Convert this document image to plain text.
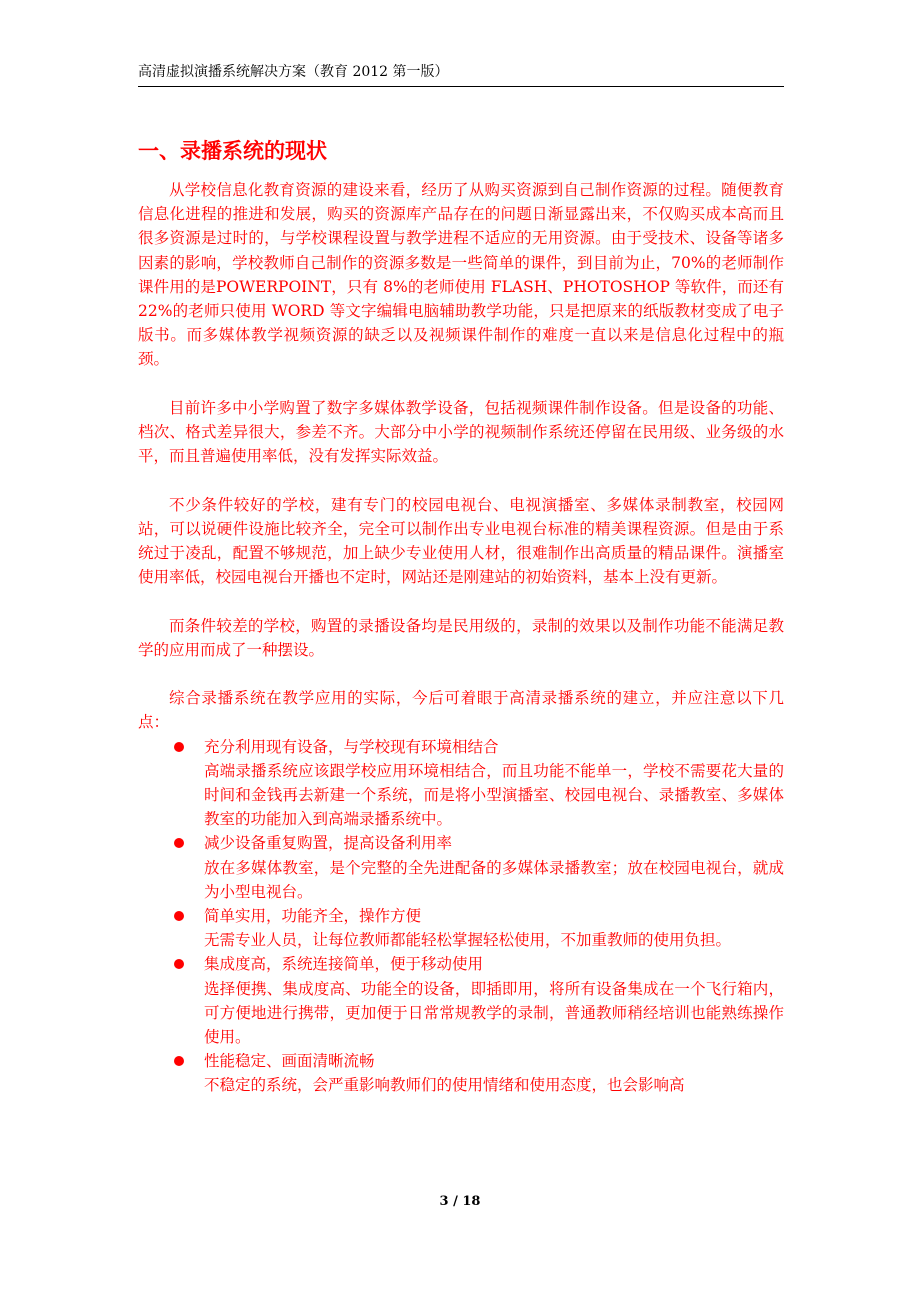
高清虚拟演播系统解决方案（教育 2012 第一版）
一、录播系统的现状

从学校信息化教育资源的建设来看，经历了从购买资源到自己制作资源的过程。随便教育信息化进程的推进和发展，购买的资源库产品存在的问题日渐显露出来，不仅购买成本高而且很多资源是过时的，与学校课程设置与教学进程不适应的无用资源。由于受技术、设备等诸多因素的影响，学校教师自己制作的资源多数是一些简单的课件，到目前为止，70%的老师制作课件用的是POWERPOINT，只有 8%的老师使用 FLASH、PHOTOSHOP 等软件，而还有 22%的老师只使用 WORD 等文字编辑电脑辅助教学功能，只是把原来的纸版教材变成了电子版书。而多媒体教学视频资源的缺乏以及视频课件制作的难度一直以来是信息化过程中的瓶颈。

目前许多中小学购置了数字多媒体教学设备，包括视频课件制作设备。但是设备的功能、档次、格式差异很大，参差不齐。大部分中小学的视频制作系统还停留在民用级、业务级的水平，而且普遍使用率低，没有发挥实际效益。

不少条件较好的学校，建有专门的校园电视台、电视演播室、多媒体录制教室，校园网站，可以说硬件设施比较齐全，完全可以制作出专业电视台标准的精美课程资源。但是由于系统过于凌乱，配置不够规范，加上缺少专业使用人材，很难制作出高质量的精品课件。演播室使用率低，校园电视台开播也不定时，网站还是刚建站的初始资料，基本上没有更新。

而条件较差的学校，购置的录播设备均是民用级的，录制的效果以及制作功能不能满足教学的应用而成了一种摆设。

综合录播系统在教学应用的实际，今后可着眼于高清录播系统的建立，并应注意以下几点：

充分利用现有设备，与学校现有环境相结合
高端录播系统应该跟学校应用环境相结合，而且功能不能单一，学校不需要花大量的时间和金钱再去新建一个系统，而是将小型演播室、校园电视台、录播教室、多媒体教室的功能加入到高端录播系统中。
减少设备重复购置，提高设备利用率
放在多媒体教室，是个完整的全先进配备的多媒体录播教室；放在校园电视台，就成为小型电视台。
简单实用，功能齐全，操作方便
无需专业人员，让每位教师都能轻松掌握轻松使用，不加重教师的使用负担。
集成度高，系统连接简单，便于移动使用
选择便携、集成度高、功能全的设备，即插即用，将所有设备集成在一个飞行箱内，可方便地进行携带，更加便于日常常规教学的录制，普通教师稍经培训也能熟练操作使用。
性能稳定、画面清晰流畅
不稳定的系统，会严重影响教师们的使用情绪和使用态度，也会影响高
3 / 18
